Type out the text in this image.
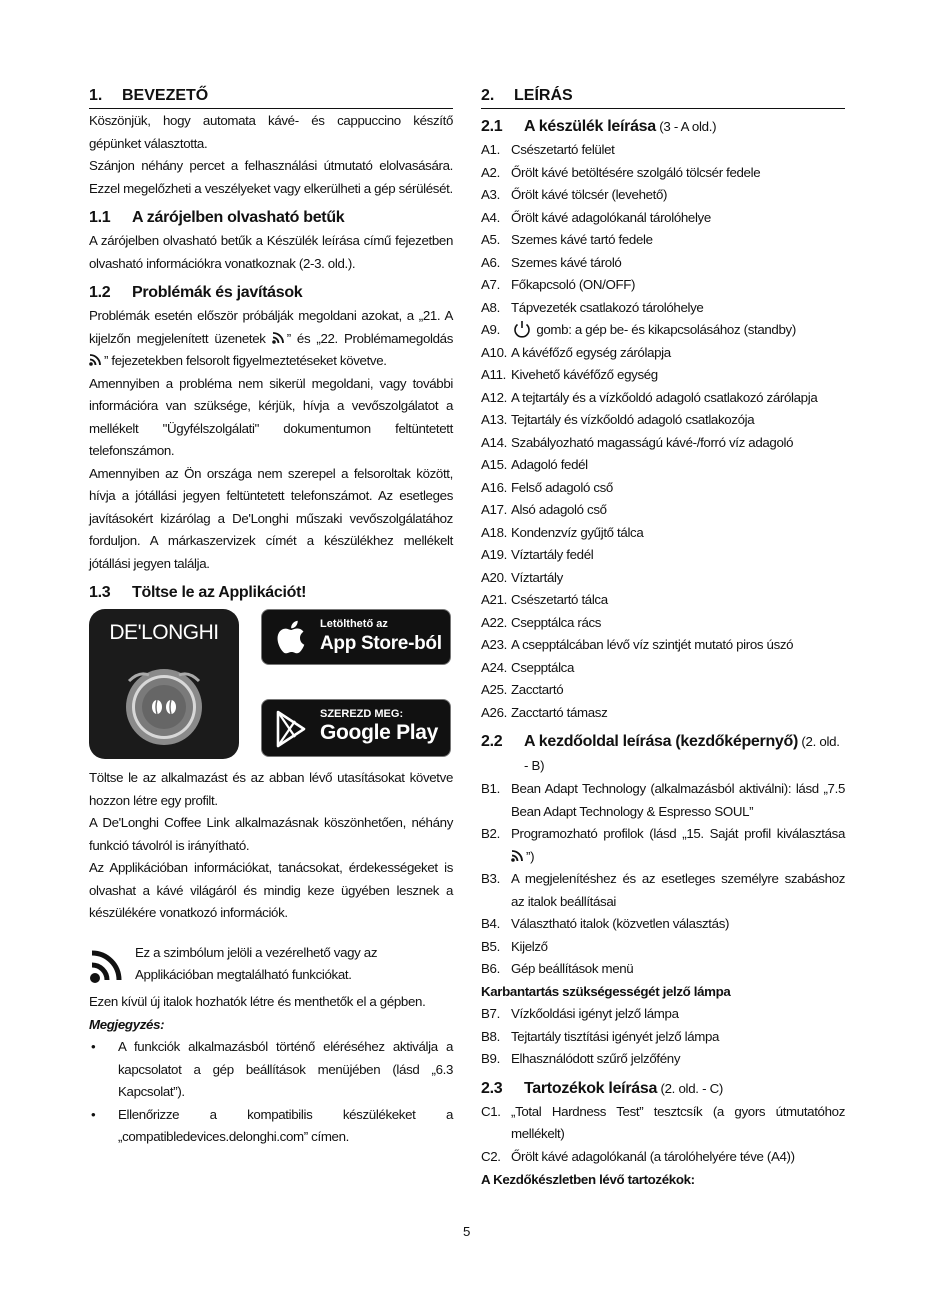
1. BEVEZETŐ

Köszönjük, hogy automata kávé- és cappuccino készítő gépünket választotta.

Szánjon néhány percet a felhasználási útmutató elolvasására. Ezzel megelőzheti a veszélyeket vagy elkerülheti a gép sérülését.

1.1 A zárójelben olvasható betűk

A zárójelben olvasható betűk a Készülék leírása című fejezetben olvasható információkra vonatkoznak (2-3. old.).

1.2 Problémák és javítások

Problémák esetén először próbálják megoldani azokat, a „21. A kijelzőn megjelenített üzenetek ” és „22. Problémamegoldás ” fejezetekben felsorolt figyelmeztetéseket követve.

Amennyiben a probléma nem sikerül megoldani, vagy további információra van szüksége, kérjük, hívja a vevőszolgálatot a mellékelt "Ügyfélszolgálati" dokumentumon feltüntetett telefonszámon.

Amennyiben az Ön országa nem szerepel a felsoroltak között, hívja a jótállási jegyen feltüntetett telefonszámot. Az esetleges javításokért kizárólag a De'Longhi műszaki vevőszolgálatához forduljon. A márkaszervizek címét a készülékhez mellékelt jótállási jegyen találja.

1.3 Töltse le az Applikációt!
DE'LONGHI	Letölthető az
App Store-ból
SZEREZD MEG:
Google Play

Töltse le az alkalmazást és az abban lévő utasításokat követve hozzon létre egy profilt.

A De'Longhi Coffee Link alkalmazásnak köszönhetően, néhány funkció távolról is irányítható.

Az Applikációban információkat, tanácsokat, érdekességeket is olvashat a kávé világáról és mindig keze ügyében lesznek a készülékére vonatkozó információk.

Ez a szimbólum jelöli a vezérelhető vagy az Applikációban megtalálható funkciókat.

Ezen kívül új italok hozhatók létre és menthetők el a gépben.

Megjegyzés:

•	A funkciók alkalmazásból történő eléréséhez aktiválja a kapcsolatot a gép beállítások menüjében (lásd „6.3 Kapcsolat”).
•	Ellenőrizze a kompatibilis készülékeket a „compatibledevices.delonghi.com” címen.
2. LEÍRÁS
2.1 A készülék leírása (3 - A old.)
A1. Csészetartó felület
A2. Őrölt kávé betöltésére szolgáló tölcsér fedele
A3. Őrölt kávé tölcsér (levehető)
A4. Őrölt kávé adagolókanál tárolóhelye
A5. Szemes kávé tartó fedele
A6. Szemes kávé tároló
A7. Főkapcsoló (ON/OFF)
A8. Tápvezeték csatlakozó tárolóhelye
A9.	gomb: a gép be- és kikapcsolásához (standby)
A10. A kávéfőző egység zárólapja
A11. Kivehető kávéfőző egység
A12. A tejtartály és a vízkőoldó adagoló csatlakozó zárólapja
A13. Tejtartály és vízkőoldó adagoló csatlakozója
A14. Szabályozható magasságú kávé-/forró víz adagoló
A15. Adagoló fedél
A16. Felső adagoló cső
A17. Alsó adagoló cső
A18. Kondenzvíz gyűjtő tálca
A19. Víztartály fedél
A20. Víztartály
A21. Csészetartó tálca
A22. Csepptálca rács
A23. A csepptálcában lévő víz szintjét mutató piros úszó
A24. Csepptálca
A25. Zacctartó
A26. Zacctartó támasz
2.2	A kezdőoldal leírása (kezdőképernyő) (2. old. - B)
B1. Bean Adapt Technology (alkalmazásból aktiválni): lásd „7.5 Bean Adapt Technology & Espresso SOUL”
B2. Programozható profilok (lásd „15. Saját profil kiválasztása ”)
B3. A megjelenítéshez és az esetleges személyre szabáshoz az italok beállításai
B4. Választható italok (közvetlen választás)
B5. Kijelző
B6. Gép beállítások menü

Karbantartás szükségességét jelző lámpa

B7. Vízkőoldási igényt jelző lámpa
B8. Tejtartály tisztítási igényét jelző lámpa
B9. Elhasználódott szűrő jelzőfény
2.3 Tartozékok leírása (2. old. - C)
C1. „Total Hardness Test” tesztcsík (a gyors útmutatóhoz mellékelt)
C2. Őrölt kávé adagolókanál (a tárolóhelyére téve (A4))

A Kezdőkészletben lévő tartozékok:

5
